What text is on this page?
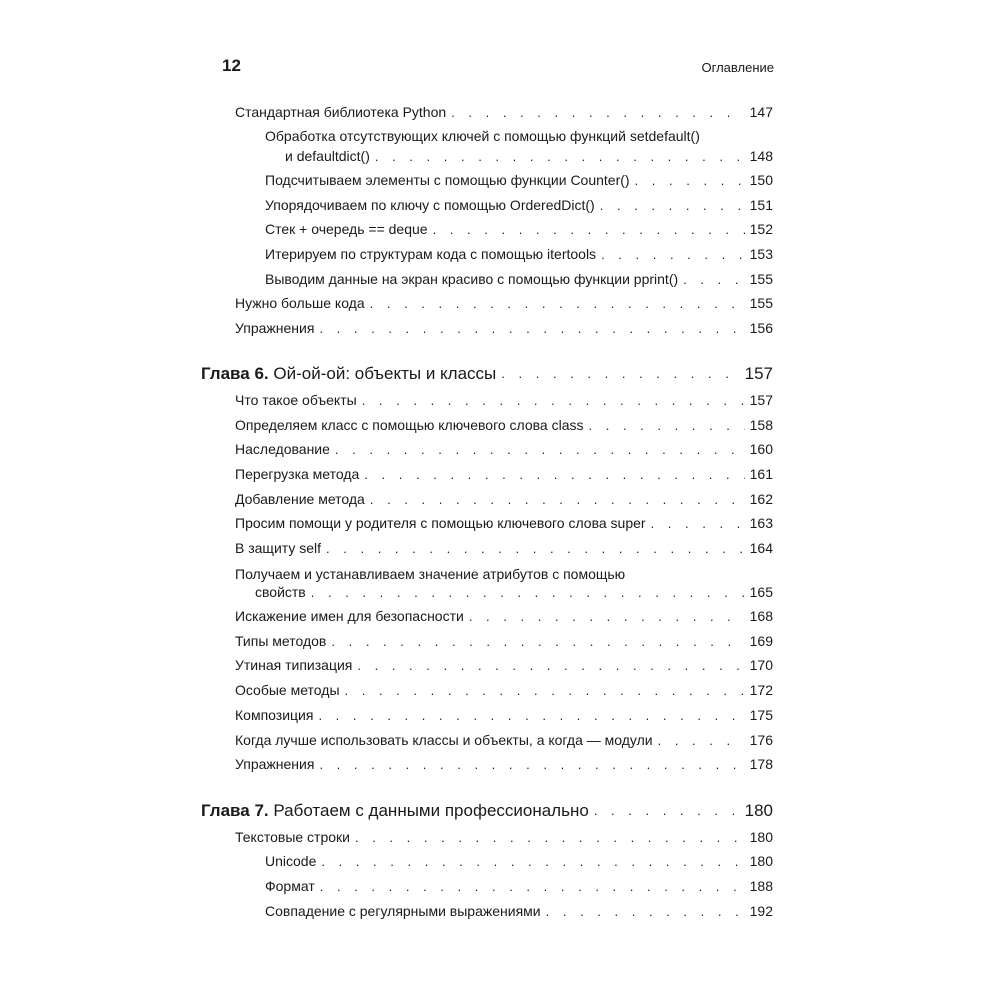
12	Оглавление
Стандартная библиотека Python . . .	147
Обработка отсутствующих ключей с помощью функций setdefault()
и defaultdict() . . .	148
Подсчитываем элементы с помощью функции Counter() . . .	150
Упорядочиваем по ключу с помощью OrderedDict() . . .	151
Стек + очередь == deque . . .	152
Итерируем по структурам кода с помощью itertools . . .	153
Выводим данные на экран красиво с помощью функции pprint() . . .	155
Нужно больше кода . . .	155
Упражнения . . .	156
Глава 6. Ой-ой-ой: объекты и классы . . .	157
Что такое объекты . . .	157
Определяем класс с помощью ключевого слова class . . .	158
Наследование . . .	160
Перегрузка метода . . .	161
Добавление метода . . .	162
Просим помощи у родителя с помощью ключевого слова super . . .	163
В защиту self . . .	164
Получаем и устанавливаем значение атрибутов с помощью
свойств . . .	165
Искажение имен для безопасности . . .	168
Типы методов . . .	169
Утиная типизация . . .	170
Особые методы . . .	172
Композиция . . .	175
Когда лучше использовать классы и объекты, а когда — модули . . .	176
Упражнения . . .	178
Глава 7. Работаем с данными профессионально . . .	180
Текстовые строки . . .	180
Unicode . . .	180
Формат . . .	188
Совпадение с регулярными выражениями . . .	192
